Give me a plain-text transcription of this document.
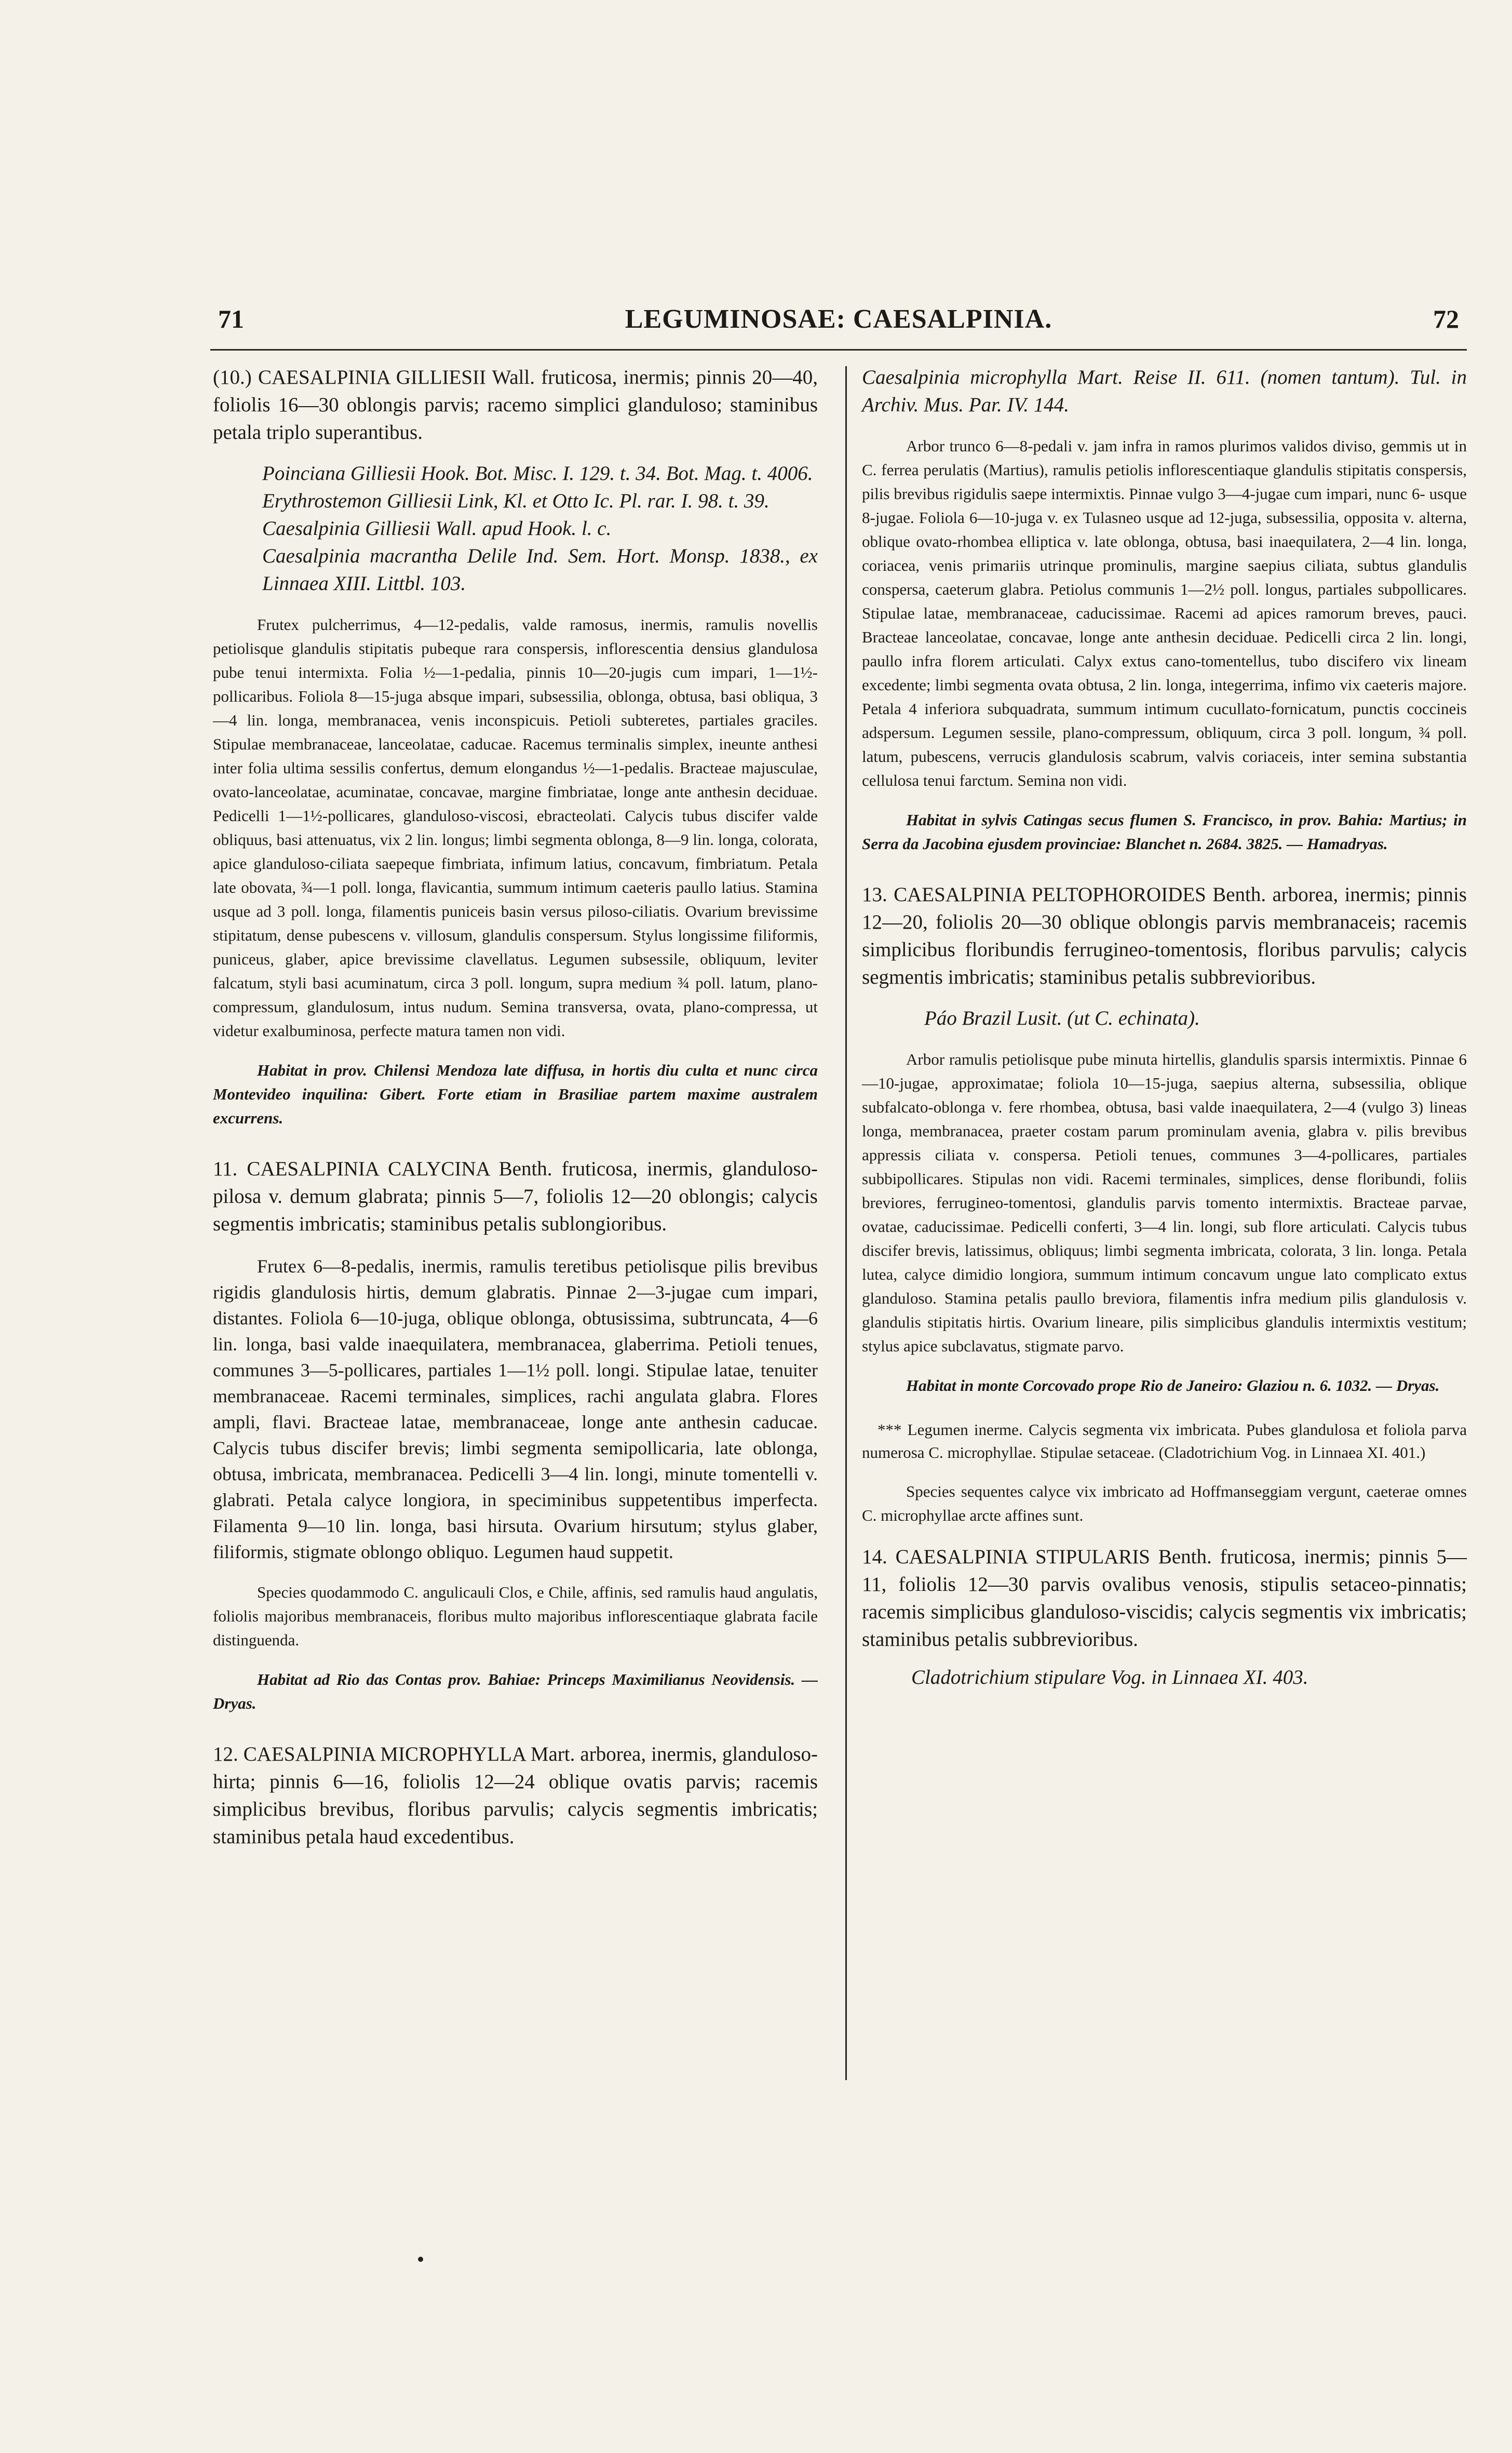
71	LEGUMINOSAE: CAESALPINIA.	72

(10.) CAESALPINIA GILLIESII Wall. fruticosa, inermis; pinnis 20—40, foliolis 16—30 oblongis parvis; racemo simplici glanduloso; staminibus petala triplo superantibus.

Poinciana Gilliesii Hook. Bot. Misc. I. 129. t. 34. Bot. Mag. t. 4006.

Erythrostemon Gilliesii Link, Kl. et Otto Ic. Pl. rar. I. 98. t. 39.

Caesalpinia Gilliesii Wall. apud Hook. l. c.

Caesalpinia macrantha Delile Ind. Sem. Hort. Monsp. 1838., ex Linnaea XIII. Littbl. 103.

Frutex pulcherrimus, 4—12-pedalis, valde ramosus, inermis, ramulis novellis petiolisque glandulis stipitatis pubeque rara conspersis, inflorescentia densius glandulosa pube tenui intermixta. Folia ½—1-pedalia, pinnis 10—20-jugis cum impari, 1—1½-pollicaribus. Foliola 8—15-juga absque impari, subsessilia, oblonga, obtusa, basi obliqua, 3—4 lin. longa, membranacea, venis inconspicuis. Petioli subteretes, partiales graciles. Stipulae membranaceae, lanceolatae, caducae. Racemus terminalis simplex, ineunte anthesi inter folia ultima sessilis confertus, demum elongandus ½—1-pedalis. Bracteae majusculae, ovato-lanceolatae, acuminatae, concavae, margine fimbriatae, longe ante anthesin deciduae. Pedicelli 1—1½-pollicares, glanduloso-viscosi, ebracteolati. Calycis tubus discifer valde obliquus, basi attenuatus, vix 2 lin. longus; limbi segmenta oblonga, 8—9 lin. longa, colorata, apice glanduloso-ciliata saepeque fimbriata, infimum latius, concavum, fimbriatum. Petala late obovata, ¾—1 poll. longa, flavicantia, summum intimum caeteris paullo latius. Stamina usque ad 3 poll. longa, filamentis puniceis basin versus piloso-ciliatis. Ovarium brevissime stipitatum, dense pubescens v. villosum, glandulis conspersum. Stylus longissime filiformis, puniceus, glaber, apice brevissime clavellatus. Legumen subsessile, obliquum, leviter falcatum, styli basi acuminatum, circa 3 poll. longum, supra medium ¾ poll. latum, plano-compressum, glandulosum, intus nudum. Semina transversa, ovata, plano-compressa, ut videtur exalbuminosa, perfecte matura tamen non vidi.

Habitat in prov. Chilensi Mendoza late diffusa, in hortis diu culta et nunc circa Montevideo inquilina: Gibert. Forte etiam in Brasiliae partem maxime australem excurrens.

11. CAESALPINIA CALYCINA Benth. fruticosa, inermis, glanduloso-pilosa v. demum glabrata; pinnis 5—7, foliolis 12—20 oblongis; calycis segmentis imbricatis; staminibus petalis sublongioribus.

Frutex 6—8-pedalis, inermis, ramulis teretibus petiolisque pilis brevibus rigidis glandulosis hirtis, demum glabratis. Pinnae 2—3-jugae cum impari, distantes. Foliola 6—10-juga, oblique oblonga, obtusissima, subtruncata, 4—6 lin. longa, basi valde inaequilatera, membranacea, glaberrima. Petioli tenues, communes 3—5-pollicares, partiales 1—1½ poll. longi. Stipulae latae, tenuiter membranaceae. Racemi terminales, simplices, rachi angulata glabra. Flores ampli, flavi. Bracteae latae, membranaceae, longe ante anthesin caducae. Calycis tubus discifer brevis; limbi segmenta semipollicaria, late oblonga, obtusa, imbricata, membranacea. Pedicelli 3—4 lin. longi, minute tomentelli v. glabrati. Petala calyce longiora, in speciminibus suppetentibus imperfecta. Filamenta 9—10 lin. longa, basi hirsuta. Ovarium hirsutum; stylus glaber, filiformis, stigmate oblongo obliquo. Legumen haud suppetit.

Species quodammodo C. angulicauli Clos, e Chile, affinis, sed ramulis haud angulatis, foliolis majoribus membranaceis, floribus multo majoribus inflorescentiaque glabrata facile distinguenda.

Habitat ad Rio das Contas prov. Bahiae: Princeps Maximilianus Neovidensis. — Dryas.

12. CAESALPINIA MICROPHYLLA Mart. arborea, inermis, glanduloso-hirta; pinnis 6—16, foliolis 12—24 oblique ovatis parvis; racemis simplicibus brevibus, floribus parvulis; calycis segmentis imbricatis; staminibus petala haud excedentibus.

Caesalpinia microphylla Mart. Reise II. 611. (nomen tantum). Tul. in Archiv. Mus. Par. IV. 144.

Arbor trunco 6—8-pedali v. jam infra in ramos plurimos validos diviso, gemmis ut in C. ferrea perulatis (Martius), ramulis petiolis inflorescentiaque glandulis stipitatis conspersis, pilis brevibus rigidulis saepe intermixtis. Pinnae vulgo 3—4-jugae cum impari, nunc 6- usque 8-jugae. Foliola 6—10-juga v. ex Tulasneo usque ad 12-juga, subsessilia, opposita v. alterna, oblique ovato-rhombea elliptica v. late oblonga, obtusa, basi inaequilatera, 2—4 lin. longa, coriacea, venis primariis utrinque prominulis, margine saepius ciliata, subtus glandulis conspersa, caeterum glabra. Petiolus communis 1—2½ poll. longus, partiales subpollicares. Stipulae latae, membranaceae, caducissimae. Racemi ad apices ramorum breves, pauci. Bracteae lanceolatae, concavae, longe ante anthesin deciduae. Pedicelli circa 2 lin. longi, paullo infra florem articulati. Calyx extus cano-tomentellus, tubo discifero vix lineam excedente; limbi segmenta ovata obtusa, 2 lin. longa, integerrima, infimo vix caeteris majore. Petala 4 inferiora subquadrata, summum intimum cucullato-fornicatum, punctis coccineis adspersum. Legumen sessile, plano-compressum, obliquum, circa 3 poll. longum, ¾ poll. latum, pubescens, verrucis glandulosis scabrum, valvis coriaceis, inter semina substantia cellulosa tenui farctum. Semina non vidi.

Habitat in sylvis Catingas secus flumen S. Francisco, in prov. Bahia: Martius; in Serra da Jacobina ejusdem provinciae: Blanchet n. 2684. 3825. — Hamadryas.

13. CAESALPINIA PELTOPHOROIDES Benth. arborea, inermis; pinnis 12—20, foliolis 20—30 oblique oblongis parvis membranaceis; racemis simplicibus floribundis ferrugineo-tomentosis, floribus parvulis; calycis segmentis imbricatis; staminibus petalis subbrevioribus.

Páo Brazil Lusit. (ut C. echinata).

Arbor ramulis petiolisque pube minuta hirtellis, glandulis sparsis intermixtis. Pinnae 6—10-jugae, approximatae; foliola 10—15-juga, saepius alterna, subsessilia, oblique subfalcato-oblonga v. fere rhombea, obtusa, basi valde inaequilatera, 2—4 (vulgo 3) lineas longa, membranacea, praeter costam parum prominulam avenia, glabra v. pilis brevibus appressis ciliata v. conspersa. Petioli tenues, communes 3—4-pollicares, partiales subbipollicares. Stipulas non vidi. Racemi terminales, simplices, dense floribundi, foliis breviores, ferrugineo-tomentosi, glandulis parvis tomento intermixtis. Bracteae parvae, ovatae, caducissimae. Pedicelli conferti, 3—4 lin. longi, sub flore articulati. Calycis tubus discifer brevis, latissimus, obliquus; limbi segmenta imbricata, colorata, 3 lin. longa. Petala lutea, calyce dimidio longiora, summum intimum concavum ungue lato complicato extus glanduloso. Stamina petalis paullo breviora, filamentis infra medium pilis glandulosis v. glandulis stipitatis hirtis. Ovarium lineare, pilis simplicibus glandulis intermixtis vestitum; stylus apice subclavatus, stigmate parvo.

Habitat in monte Corcovado prope Rio de Janeiro: Glaziou n. 6. 1032. — Dryas.

*** Legumen inerme. Calycis segmenta vix imbricata. Pubes glandulosa et foliola parva numerosa C. microphyllae. Stipulae setaceae. (Cladotrichium Vog. in Linnaea XI. 401.)

Species sequentes calyce vix imbricato ad Hoffmanseggiam vergunt, caeterae omnes C. microphyllae arcte affines sunt.

14. CAESALPINIA STIPULARIS Benth. fruticosa, inermis; pinnis 5—11, foliolis 12—30 parvis ovalibus venosis, stipulis setaceo-pinnatis; racemis simplicibus glanduloso-viscidis; calycis segmentis vix imbricatis; staminibus petalis subbrevioribus.

Cladotrichium stipulare Vog. in Linnaea XI. 403.
